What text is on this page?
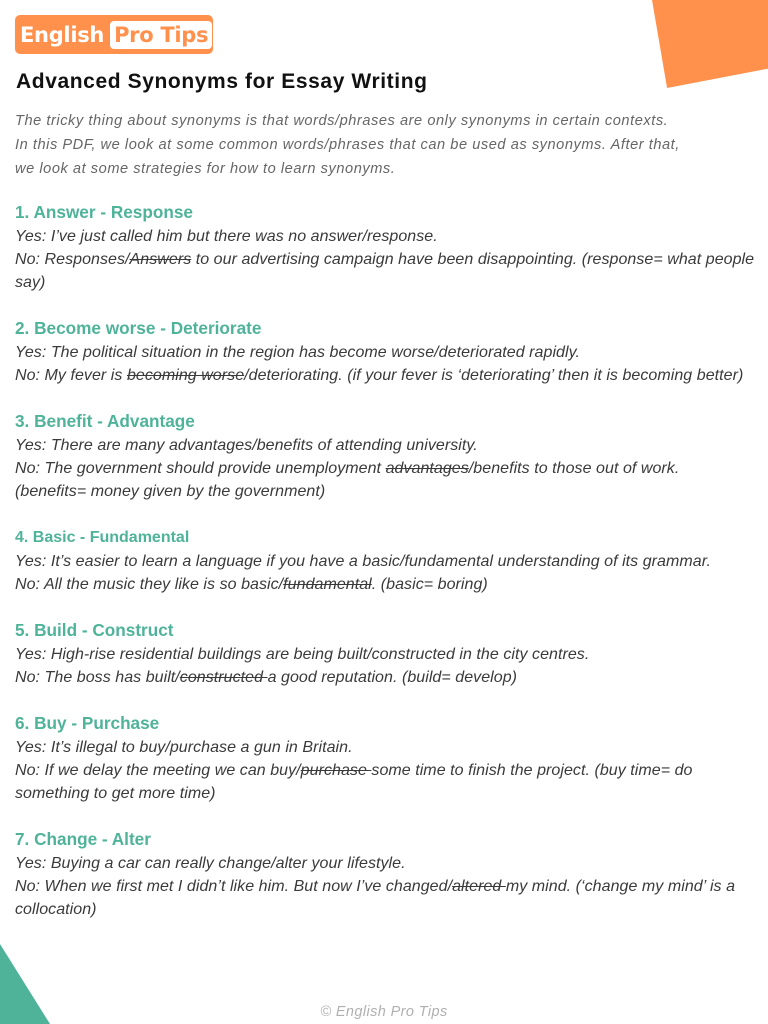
English Pro Tips
Advanced Synonyms for Essay Writing

The tricky thing about synonyms is that words/phrases are only synonyms in certain contexts.

In this PDF, we look at some common words/phrases that can be used as synonyms. After that,

we look at some strategies for how to learn synonyms.

1. Answer - Response

Yes: I’ve just called him but there was no answer/response.

No: Responses/Answers to our advertising campaign have been disappointing. (response= what people say)

2. Become worse - Deteriorate

Yes: The political situation in the region has become worse/deteriorated rapidly.

No: My fever is becoming worse/deteriorating. (if your fever is ‘deteriorating’ then it is becoming better)

3. Benefit - Advantage

Yes: There are many advantages/benefits of attending university.

No: The government should provide unemployment advantages/benefits to those out of work. (benefits= money given by the government)

4. Basic - Fundamental

Yes: It’s easier to learn a language if you have a basic/fundamental understanding of its grammar.

No: All the music they like is so basic/fundamental. (basic= boring)

5. Build - Construct

Yes: High-rise residential buildings are being built/constructed in the city centres.

No: The boss has built/constructed a good reputation. (build= develop)

6. Buy - Purchase

Yes: It’s illegal to buy/purchase a gun in Britain.

No: If we delay the meeting we can buy/purchase some time to finish the project. (buy time= do something to get more time)

7. Change - Alter

Yes: Buying a car can really change/alter your lifestyle.

No: When we first met I didn’t like him. But now I’ve changed/altered my mind. (‘change my mind’ is a collocation)

© English Pro Tips
